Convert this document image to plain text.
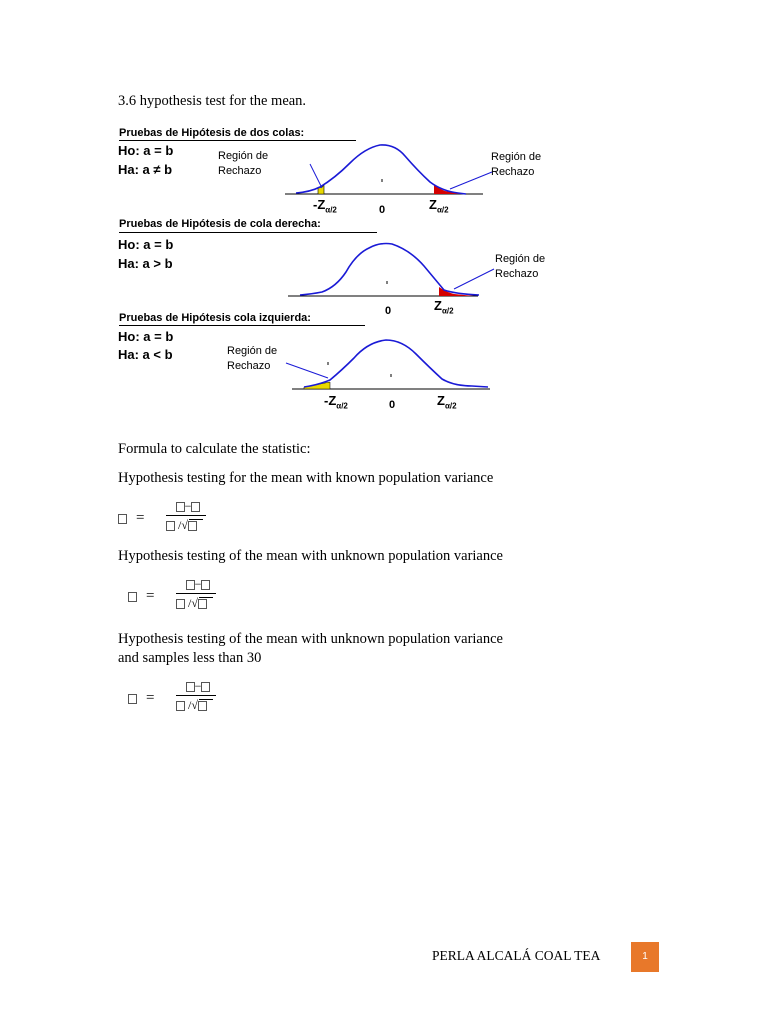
3.6 hypothesis test for the mean.
Pruebas de Hipótesis de dos colas:
Ho: a = b
Ha: a ≠ b
Región de
Rechazo
Región de
Rechazo
$-Z_{\alpha/2}$	0	$Z_{\alpha/2}$
Pruebas de Hipótesis de cola derecha:
Ho: a = b
Ha: a > b	Región de
Rechazo
0	$Z_{\alpha/2}$
Pruebas de Hipótesis cola izquierda:
Ho: a = b
Ha: a < b	Región de
Rechazo
$-Z_{\alpha/2}$	0	$Z_{\alpha/2}$
Formula to calculate the statistic:
Hypothesis testing for the mean with known population variance
=
−
/√
Hypothesis testing of the mean with unknown population variance
=
−
/√
Hypothesis testing of the mean with unknown population variance
and samples less than 30
=
−
/√
PERLA ALCALÁ COAL TEA	1
